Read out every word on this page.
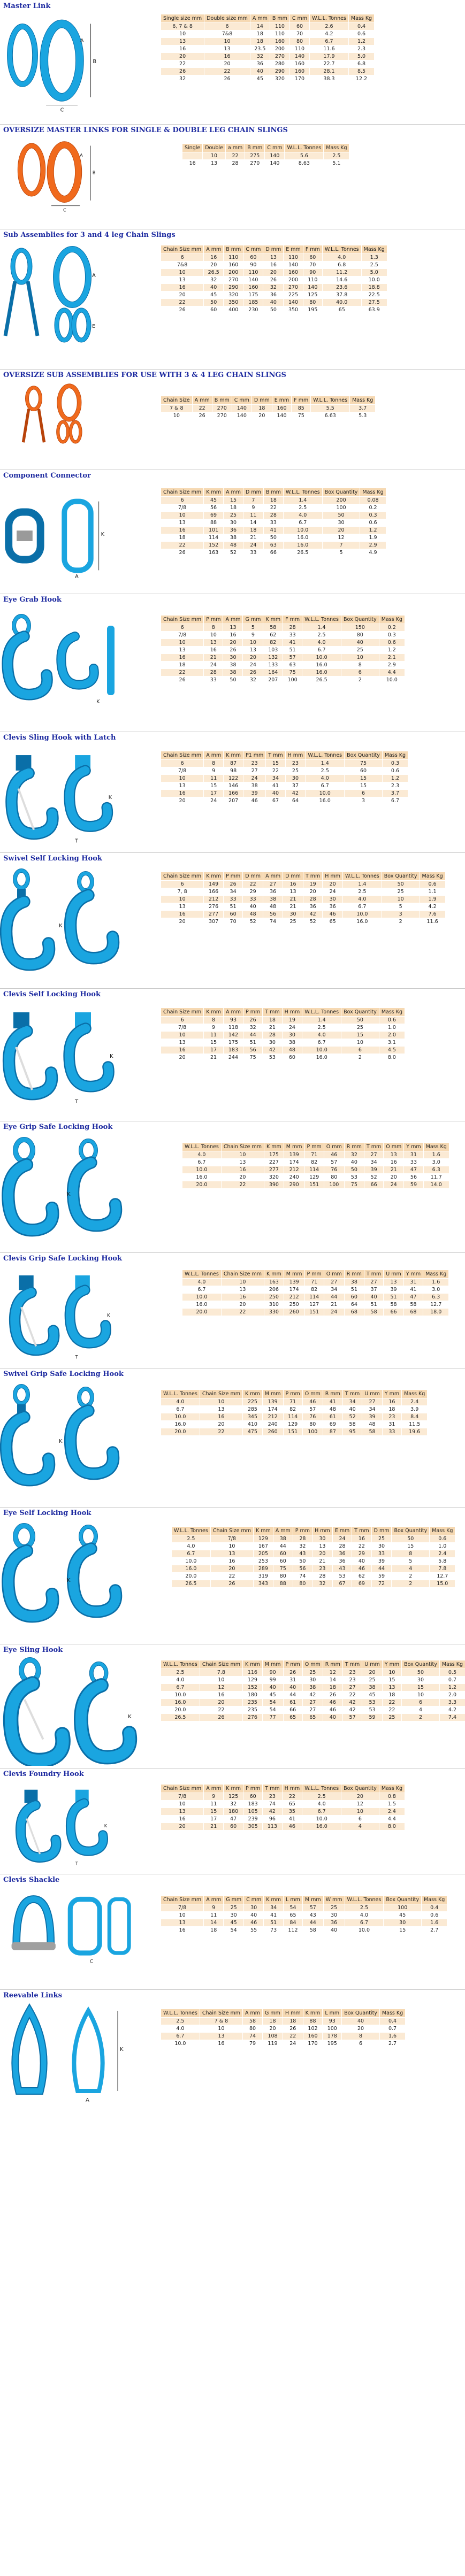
Master Link
B
C
A
Single size mm	Double size mm	A mm	B mm	C mm	W.L.L. Tonnes	Mass Kg
6, 7 & 8	6	14	110	60	2.6	0.4
10	7&8	18	110	70	4.2	0.6
13	10	18	160	80	6.7	1.2
16	13	23.5	200	110	11.6	2.3
20	16	32	270	140	17.9	5.0
22	20	36	280	160	22.7	6.8
26	22	40	290	160	28.1	8.5
32	26	45	320	170	38.3	12.2
OVERSIZE MASTER LINKS FOR SINGLE & DOUBLE LEG CHAIN SLINGS
B
C
A
Single	Double	a mm	B mm	C mm	W.L.L. Tonnes	Mass Kg
	10	22	275	140	5.6	2.5
16	13	28	270	140	8.63	5.1
Sub Assemblies for 3 and 4 leg Chain Slings
A
E
Chain Size mm	A mm	B mm	C mm	D mm	E mm	F mm	W.L.L. Tonnes	Mass Kg
6	16	110	60	13	110	60	4.0	1.3
7&8	20	160	90	16	140	70	6.8	2.5
10	26.5	200	110	20	160	90	11.2	5.0
13	32	270	140	26	200	110	14.6	10.0
16	40	290	160	32	270	140	23.6	18.8
20	45	320	175	36	225	125	37.8	22.5
22	50	350	185	40	140	80	40.0	27.5
26	60	400	230	50	350	195	65	63.9
OVERSIZE SUB ASSEMBLIES FOR USE WITH 3 & 4 LEG CHAIN SLINGS
Chain Size	A mm	B mm	C mm	D mm	E mm	F mm	W.L.L. Tonnes	Mass Kg
7 & 8	22	270	140	18	160	85	5.5	3.7
10	26	270	140	20	140	75	6.63	5.3
Component Connector
K
A
Chain Size mm	K mm	A mm	D mm	B mm	W.L.L. Tonnes	Box Quantity	Mass Kg
6	45	15	7	18	1.4	200	0.08
7/8	56	18	9	22	2.5	100	0.2
10	69	25	11	28	4.0	50	0.3
13	88	30	14	33	6.7	30	0.6
16	101	36	18	41	10.0	20	1.2
18	114	38	21	50	16.0	12	1.9
22	152	48	24	63	16.0	7	2.9
26	163	52	33	66	26.5	5	4.9
Eye Grab Hook
K
Chain Size mm	P mm	A mm	G mm	K mm	F mm	W.L.L. Tonnes	Box Quantity	Mass Kg
6	8	13	5	58	28	1.4	150	0.2
7/8	10	16	9	62	33	2.5	80	0.3
10	13	20	10	82	41	4.0	40	0.6
13	16	26	13	103	51	6.7	25	1.2
16	21	30	20	132	57	10.0	10	2.1
18	24	38	24	133	63	16.0	8	2.9
22	28	38	26	164	75	16.0	6	4.4
26	33	50	32	207	100	26.5	2	10.0
Clevis Sling Hook with Latch
K
T
Chain Size mm	A mm	K mm	P1 mm	T mm	H mm	W.L.L. Tonnes	Box Quantity	Mass Kg
6	8	87	23	15	23	1.4	75	0.3
7/8	9	98	27	22	25	2.5	60	0.6
10	11	122	24	34	30	4.0	15	1.2
13	15	146	38	41	37	6.7	15	2.3
16	17	166	39	40	42	10.0	6	3.7
20	24	207	46	67	64	16.0	3	6.7
Swivel Self Locking Hook
K
Chain Size mm	K mm	P mm	D mm	A mm	D mm	T mm	H mm	W.L.L. Tonnes	Box Quantity	Mass Kg
6	149	26	22	27	16	19	20	1.4	50	0.6
7, 8	166	34	29	36	13	20	24	2.5	25	1.1
10	212	33	33	38	21	28	30	4.0	10	1.9
13	276	51	40	48	21	36	36	6.7	5	4.2
16	277	60	48	56	30	42	46	10.0	3	7.6
20	307	70	52	74	25	52	65	16.0	2	11.6
Clevis Self Locking Hook
K
T
Chain Size mm	K mm	A mm	P mm	T mm	H mm	W.L.L. Tonnes	Box Quantity	Mass Kg
6	8	93	26	18	19	1.4	50	0.6
7/8	9	118	32	21	24	2.5	25	1.0
10	11	142	44	28	30	4.0	15	2.0
13	15	175	51	30	38	6.7	10	3.1
16	17	183	56	42	48	10.0	6	4.5
20	21	244	75	53	60	16.0	2	8.0
Eye Grip Safe Locking Hook
K
W.L.L. Tonnes	Chain Size mm	K mm	M mm	P mm	O mm	R mm	T mm	O mm	Y mm	Mass Kg
4.0	10	175	139	71	46	32	27	13	31	1.6
6.7	13	227	174	82	57	40	34	16	33	3.0
10.0	16	277	212	114	76	50	39	21	47	6.3
16.0	20	320	240	129	80	53	52	20	56	11.7
20.0	22	390	290	151	100	75	66	24	59	14.0
Clevis Grip Safe Locking Hook
K
T
W.L.L. Tonnes	Chain Size mm	K mm	M mm	P mm	O mm	R mm	T mm	U mm	Y mm	Mass Kg
4.0	10	163	139	71	27	38	27	13	31	1.6
6.7	13	206	174	82	34	51	37	39	41	3.0
10.0	16	250	212	114	44	60	40	51	47	6.3
16.0	20	310	250	127	21	64	51	58	58	12.7
20.0	22	330	260	151	24	68	58	66	68	18.0
Swivel Grip Safe Locking Hook
K
W.L.L. Tonnes	Chain Size mm	K mm	M mm	P mm	O mm	R mm	T mm	U mm	Y mm	Mass Kg
4.0	10	225	139	71	46	41	34	27	16	2.4
6.7	13	285	174	82	57	48	40	34	18	3.9
10.0	16	345	212	114	76	61	52	39	23	8.4
16.0	20	410	240	129	80	69	58	48	31	11.5
20.0	22	475	260	151	100	87	95	58	33	19.6
Eye Self Locking Hook
K
W.L.L. Tonnes	Chain Size mm	K mm	A mm	P mm	H mm	E mm	T mm	D mm	Box Quantity	Mass Kg
2.5	7/8	129	38	28	30	24	16	25	50	0.6
4.0	10	167	44	32	13	28	22	30	15	1.0
6.7	13	205	60	43	20	36	29	33	8	2.4
10.0	16	253	60	50	21	36	40	39	5	5.8
16.0	20	289	75	56	23	43	46	44	4	7.8
20.0	22	319	80	74	28	53	62	59	2	12.7
26.5	26	343	88	80	32	67	69	72	2	15.0
Eye Sling Hook
K
W.L.L. Tonnes	Chain Size mm	K mm	M mm	P mm	O mm	R mm	T mm	U mm	Y mm	Box Quantity	Mass Kg
2.5	7.8	116	90	26	25	12	23	20	10	50	0.5
4.0	10	129	99	31	30	14	23	25	15	30	0.7
6.7	12	152	40	40	38	18	27	38	13	15	1.2
10.0	16	180	45	44	42	26	22	45	18	10	2.0
16.0	20	235	54	61	27	46	42	53	22	6	3.3
20.0	22	235	54	66	27	46	42	53	22	4	4.2
26.5	26	276	77	65	65	40	57	59	25	2	7.4
Clevis Foundry Hook
K
T
Chain Size mm	A mm	K mm	P mm	T mm	H mm	W.L.L. Tonnes	Box Quantity	Mass Kg
7/8	9	125	60	23	22	2.5	20	0.8
10	11	32	183	74	65	4.0	12	1.5
13	15	180	105	42	35	6.7	10	2.4
16	17	47	239	96	41	10.0	6	4.4
20	21	60	305	113	46	16.0	4	8.0
Clevis Shackle
C
Chain Size mm	A mm	G mm	C mm	K mm	L mm	M mm	W mm	W.L.L. Tonnes	Box Quantity	Mass Kg
7/8	9	25	30	34	54	57	25	2.5	100	0.4
10	11	30	40	41	65	43	30	4.0	45	0.6
13	14	45	46	51	84	44	36	6.7	30	1.6
16	18	54	55	73	112	58	40	10.0	15	2.7
Reevable Links
K
A
W.L.L. Tonnes	Chain Size mm	A mm	G mm	H mm	K mm	L mm	Box Quantity	Mass Kg
2.5	7 & 8	58	18	18	88	93	40	0.4
4.0	10	80	20	26	102	100	20	0.7
6.7	13	74	108	22	160	178	8	1.6
10.0	16	79	119	24	170	195	6	2.7
